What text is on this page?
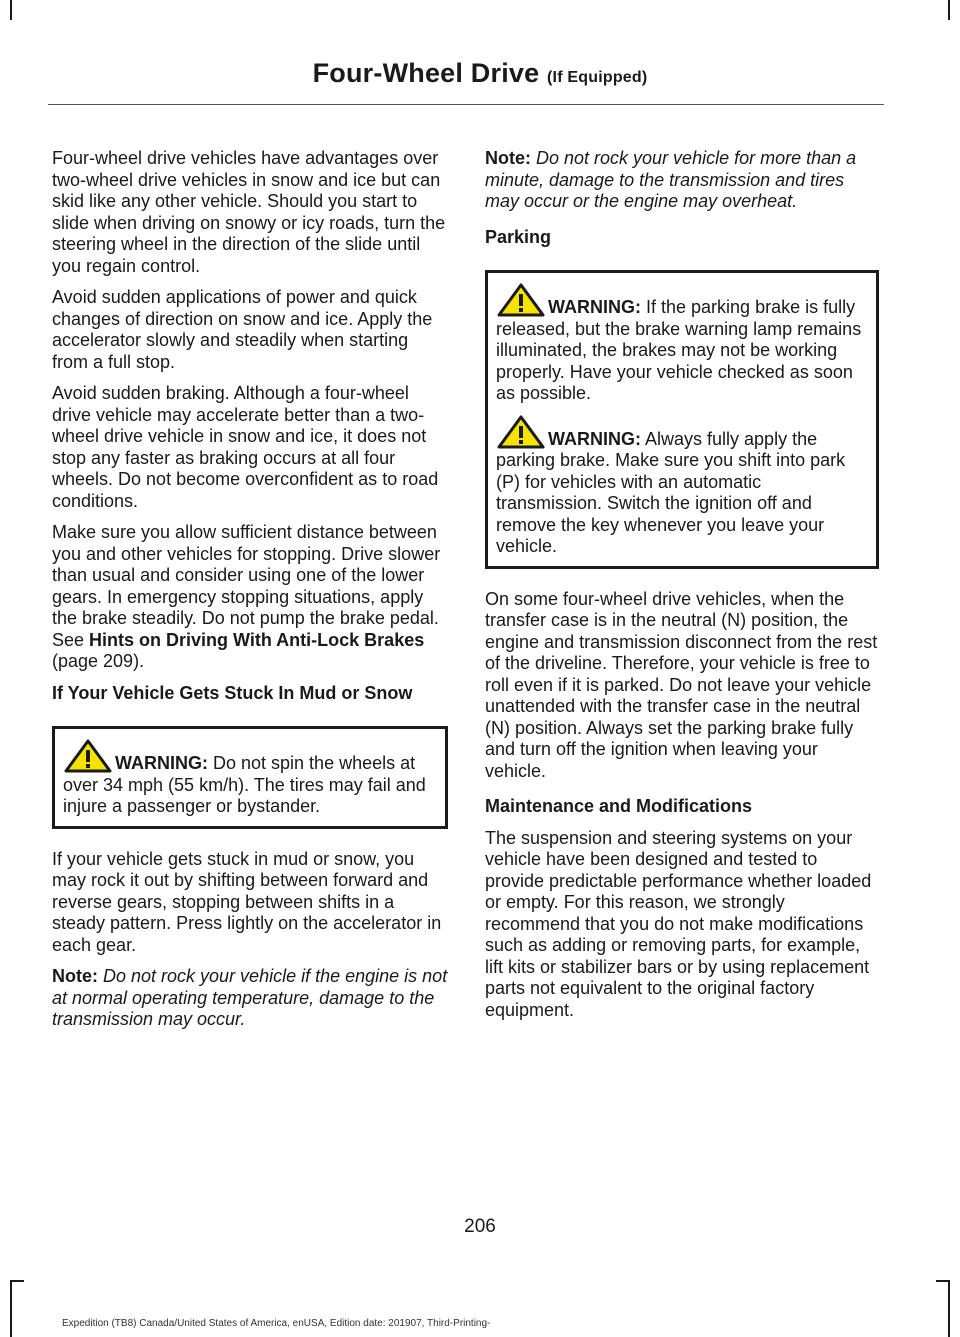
Four-Wheel Drive (If Equipped)

Four-wheel drive vehicles have advantages over two-wheel drive vehicles in snow and ice but can skid like any other vehicle. Should you start to slide when driving on snowy or icy roads, turn the steering wheel in the direction of the slide until you regain control.

Avoid sudden applications of power and quick changes of direction on snow and ice. Apply the accelerator slowly and steadily when starting from a full stop.

Avoid sudden braking. Although a four-wheel drive vehicle may accelerate better than a two-wheel drive vehicle in snow and ice, it does not stop any faster as braking occurs at all four wheels. Do not become overconfident as to road conditions.

Make sure you allow sufficient distance between you and other vehicles for stopping. Drive slower than usual and consider using one of the lower gears. In emergency stopping situations, apply the brake steadily. Do not pump the brake pedal. See Hints on Driving With Anti-Lock Brakes (page 209).

If Your Vehicle Gets Stuck In Mud or Snow

WARNING: Do not spin the wheels at over 34 mph (55 km/h). The tires may fail and injure a passenger or bystander.

If your vehicle gets stuck in mud or snow, you may rock it out by shifting between forward and reverse gears, stopping between shifts in a steady pattern. Press lightly on the accelerator in each gear.

Note: Do not rock your vehicle if the engine is not at normal operating temperature, damage to the transmission may occur.

Note: Do not rock your vehicle for more than a minute, damage to the transmission and tires may occur or the engine may overheat.

Parking

WARNING: If the parking brake is fully released, but the brake warning lamp remains illuminated, the brakes may not be working properly. Have your vehicle checked as soon as possible.

WARNING: Always fully apply the parking brake. Make sure you shift into park (P) for vehicles with an automatic transmission. Switch the ignition off and remove the key whenever you leave your vehicle.

On some four-wheel drive vehicles, when the transfer case is in the neutral (N) position, the engine and transmission disconnect from the rest of the driveline. Therefore, your vehicle is free to roll even if it is parked. Do not leave your vehicle unattended with the transfer case in the neutral (N) position. Always set the parking brake fully and turn off the ignition when leaving your vehicle.

Maintenance and Modifications

The suspension and steering systems on your vehicle have been designed and tested to provide predictable performance whether loaded or empty. For this reason, we strongly recommend that you do not make modifications such as adding or removing parts, for example, lift kits or stabilizer bars or by using replacement parts not equivalent to the original factory equipment.

206
Expedition (TB8) Canada/United States of America, enUSA, Edition date: 201907, Third-Printing-
